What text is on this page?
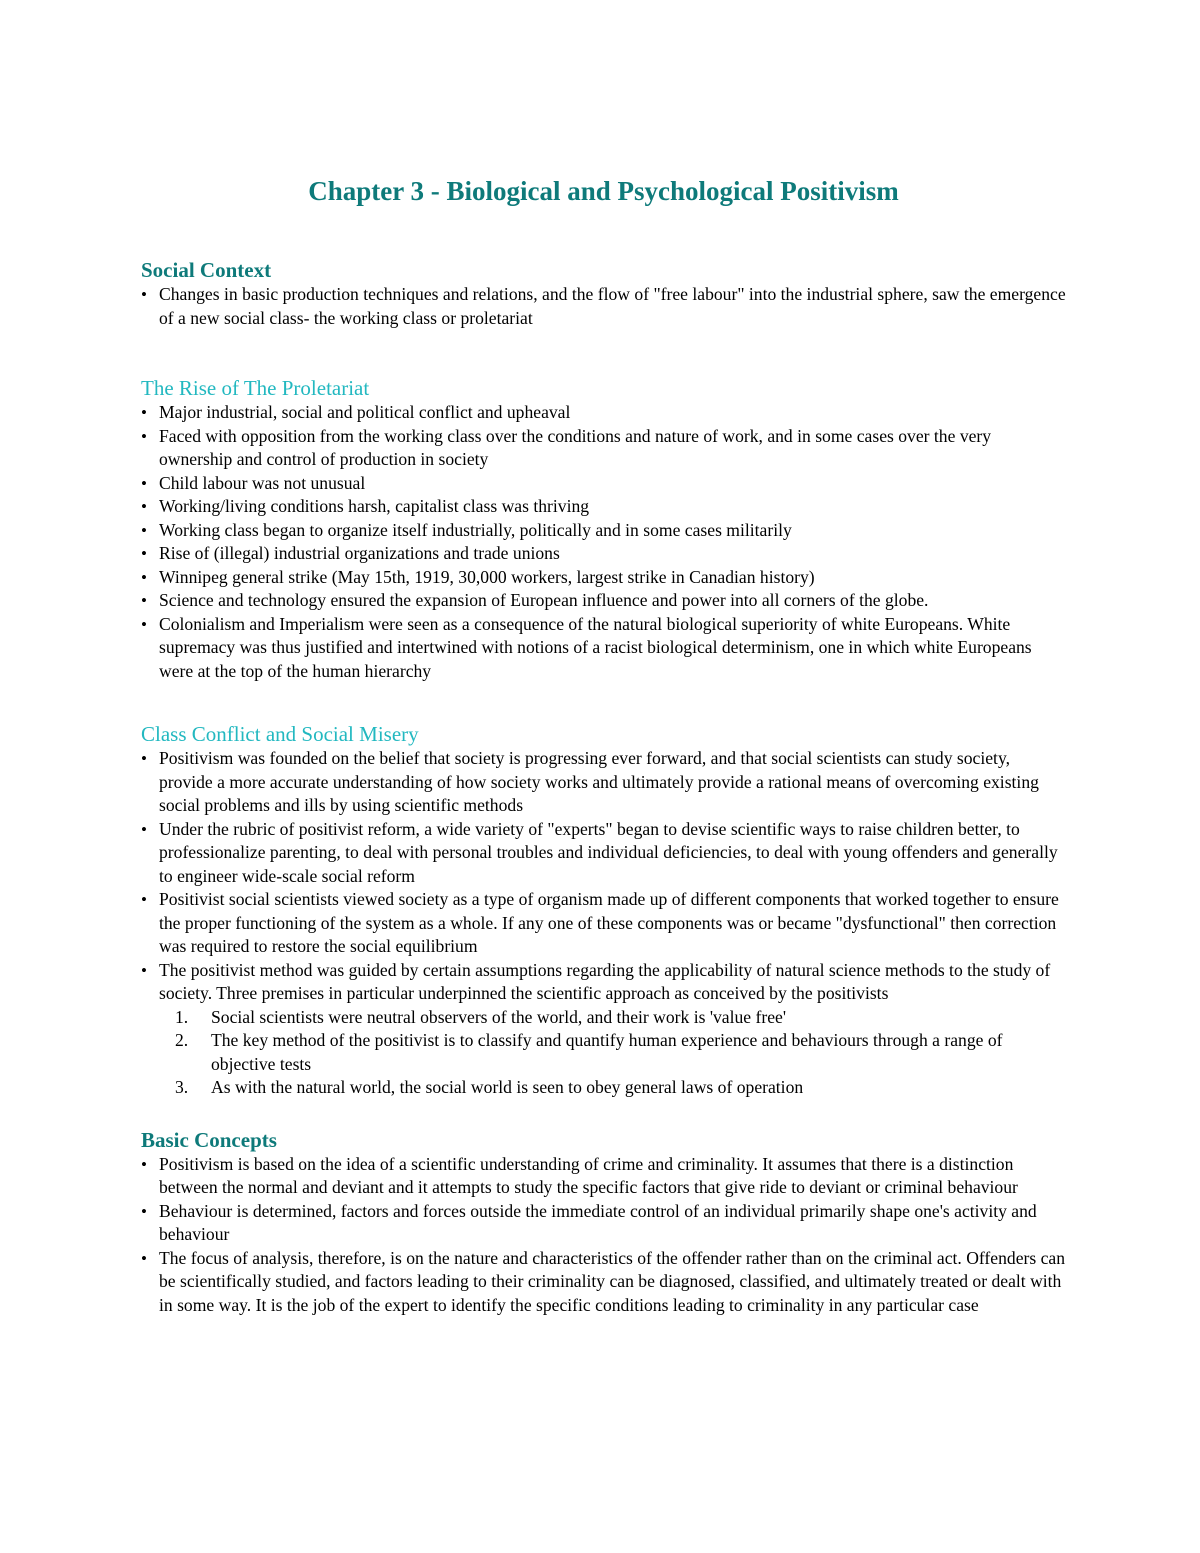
Chapter 3 - Biological and Psychological Positivism
Social Context
• Changes in basic production techniques and relations, and the flow of "free labour" into the industrial sphere, saw the emergence of a new social class- the working class or proletariat
The Rise of The Proletariat
• Major industrial, social and political conflict and upheaval
• Faced with opposition from the working class over the conditions and nature of work, and in some cases over the very ownership and control of production in society
• Child labour was not unusual
• Working/living conditions harsh, capitalist class was thriving
• Working class began to organize itself industrially, politically and in some cases militarily
• Rise of (illegal) industrial organizations and trade unions
• Winnipeg general strike (May 15th, 1919, 30,000 workers, largest strike in Canadian history)
• Science and technology ensured the expansion of European influence and power into all corners of the globe.
• Colonialism and Imperialism were seen as a consequence of the natural biological superiority of white Europeans. White supremacy was thus justified and intertwined with notions of a racist biological determinism, one in which white Europeans were at the top of the human hierarchy
Class Conflict and Social Misery
• Positivism was founded on the belief that society is progressing ever forward, and that social scientists can study society, provide a more accurate understanding of how society works and ultimately provide a rational means of overcoming existing social problems and ills by using scientific methods
• Under the rubric of positivist reform, a wide variety of "experts" began to devise scientific ways to raise children better, to professionalize parenting, to deal with personal troubles and individual deficiencies, to deal with young offenders and generally to engineer wide-scale social reform
• Positivist social scientists viewed society as a type of organism made up of different components that worked together to ensure the proper functioning of the system as a whole. If any one of these components was or became "dysfunctional" then correction was required to restore the social equilibrium
• The positivist method was guided by certain assumptions regarding the applicability of natural science methods to the study of society. Three premises in particular underpinned the scientific approach as conceived by the positivists
1. Social scientists were neutral observers of the world, and their work is 'value free'
2. The key method of the positivist is to classify and quantify human experience and behaviours through a range of objective tests
3. As with the natural world, the social world is seen to obey general laws of operation
Basic Concepts
• Positivism is based on the idea of a scientific understanding of crime and criminality. It assumes that there is a distinction between the normal and deviant and it attempts to study the specific factors that give ride to deviant or criminal behaviour
• Behaviour is determined, factors and forces outside the immediate control of an individual primarily shape one's activity and behaviour
• The focus of analysis, therefore, is on the nature and characteristics of the offender rather than on the criminal act. Offenders can be scientifically studied, and factors leading to their criminality can be diagnosed, classified, and ultimately treated or dealt with in some way. It is the job of the expert to identify the specific conditions leading to criminality in any particular case
